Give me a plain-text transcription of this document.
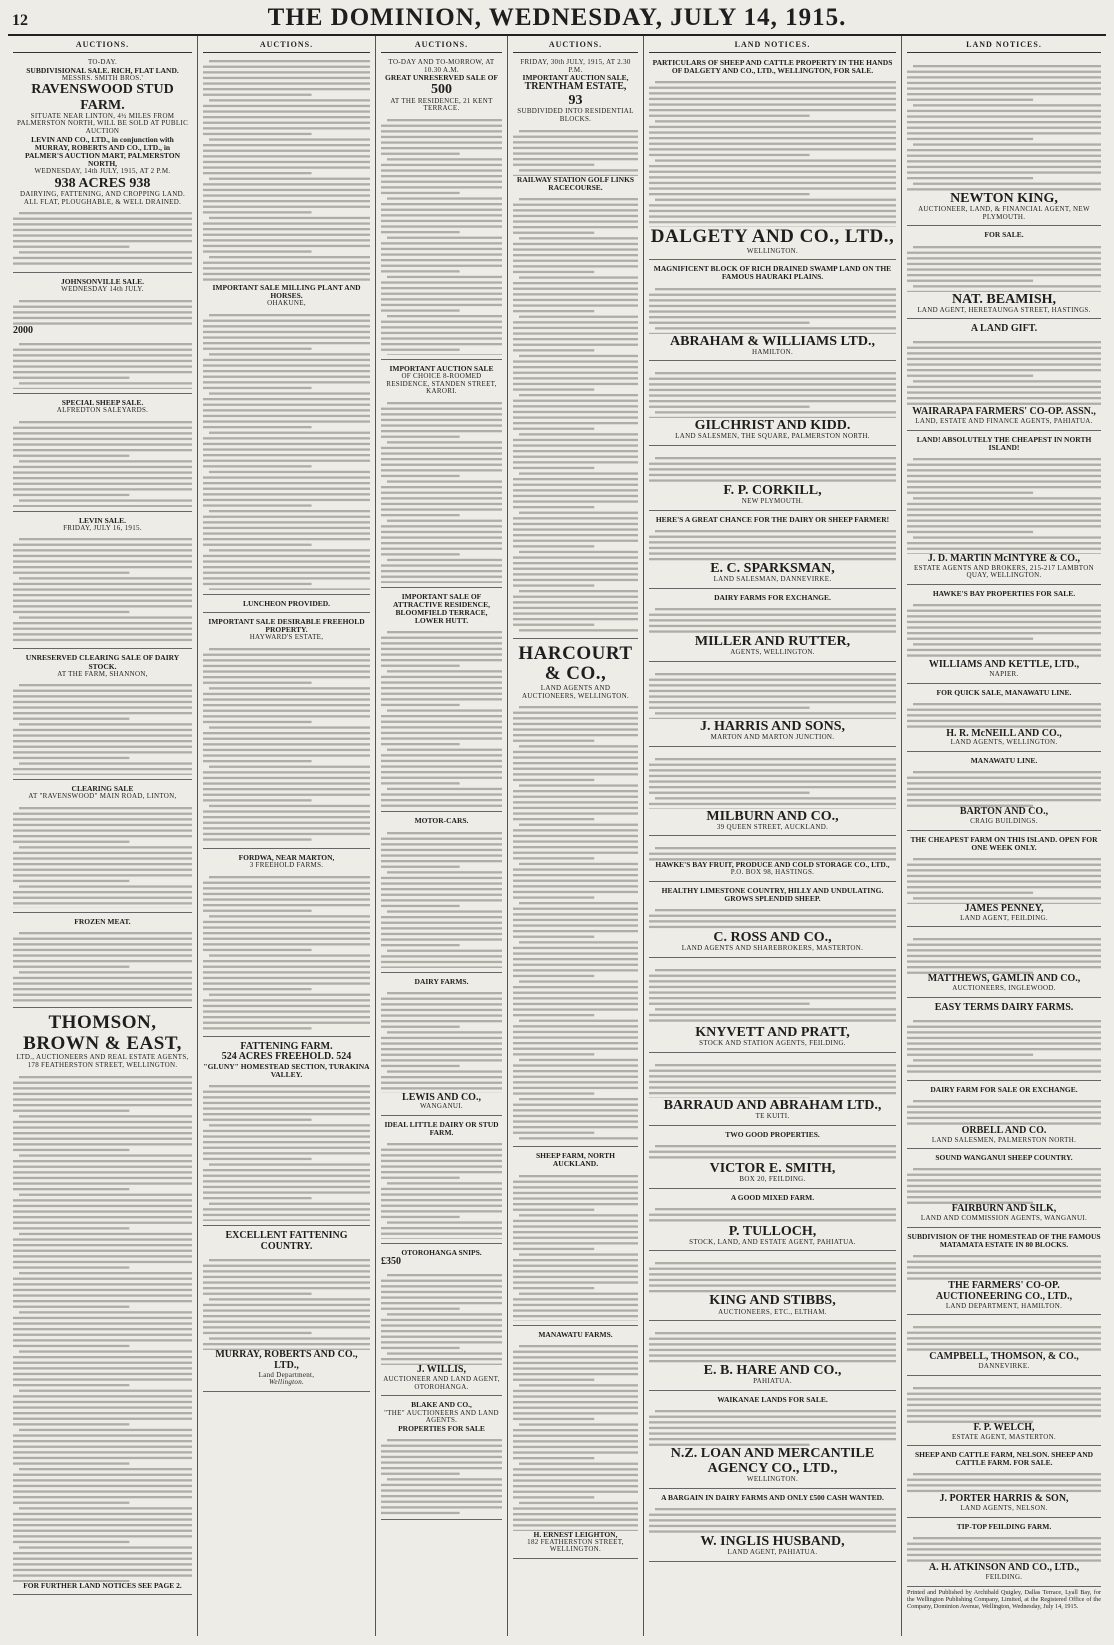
12	THE DOMINION, WEDNESDAY, JULY 14, 1915.
AUCTIONS.
TO-DAY.
SUBDIVISIONAL SALE. RICH, FLAT LAND.
MESSRS. SMITH BROS.'
RAVENSWOOD STUD FARM.
SITUATE NEAR LINTON, 4½ MILES FROM PALMERSTON NORTH, WILL BE SOLD AT PUBLIC AUCTION
LEVIN AND CO., LTD., in conjunction with MURRAY, ROBERTS AND CO., LTD., in
PALMER'S AUCTION MART, PALMERSTON NORTH,
WEDNESDAY, 14th JULY, 1915, AT 2 P.M.
938 ACRES 938
DAIRYING, FATTENING, AND CROPPING LAND. ALL FLAT, PLOUGHABLE, & WELL DRAINED.
JOHNSONVILLE SALE.
WEDNESDAY 14th JULY.
2000
SPECIAL SHEEP SALE.
ALFREDTON SALEYARDS.
LEVIN SALE.
FRIDAY, JULY 16, 1915.
UNRESERVED CLEARING SALE OF DAIRY STOCK.
AT THE FARM, SHANNON,
CLEARING SALE
AT "RAVENSWOOD" MAIN ROAD, LINTON,
FROZEN MEAT.
THOMSON,
BROWN & EAST,
LTD., AUCTIONEERS AND REAL ESTATE AGENTS, 178 FEATHERSTON STREET, WELLINGTON.
FOR FURTHER LAND NOTICES SEE PAGE 2.
AUCTIONS.
IMPORTANT SALE MILLING PLANT AND HORSES.
OHAKUNE,
LUNCHEON PROVIDED.
IMPORTANT SALE DESIRABLE FREEHOLD PROPERTY.
HAYWARD'S ESTATE,
FORDWA, NEAR MARTON,
3 FREEHOLD FARMS.
FATTENING FARM.
524 ACRES FREEHOLD. 524
"GLUNY" HOMESTEAD SECTION, TURAKINA VALLEY.
EXCELLENT FATTENING COUNTRY.
MURRAY, ROBERTS AND CO., LTD.,
Land Department,
Wellington.
AUCTIONS.
TO-DAY AND TO-MORROW, AT 10.30 A.M.
GREAT UNRESERVED SALE OF
500
AT THE RESIDENCE, 21 KENT TERRACE.
IMPORTANT AUCTION SALE
OF CHOICE 8-ROOMED RESIDENCE, STANDEN STREET, KARORI.
IMPORTANT SALE OF ATTRACTIVE RESIDENCE, BLOOMFIELD TERRACE, LOWER HUTT.
MOTOR-CARS.
DAIRY FARMS.
LEWIS AND CO.,
WANGANUI.
IDEAL LITTLE DAIRY OR STUD FARM.
OTOROHANGA SNIPS.
£350
J. WILLIS,
AUCTIONEER AND LAND AGENT, OTOROHANGA.
BLAKE AND CO.,
"THE" AUCTIONEERS AND LAND AGENTS.
PROPERTIES FOR SALE
AUCTIONS.
FRIDAY, 30th JULY, 1915, AT 2.30 P.M.
IMPORTANT AUCTION SALE,
TRENTHAM ESTATE,
93
SUBDIVIDED INTO RESIDENTIAL BLOCKS.
RAILWAY STATION GOLF LINKS RACECOURSE.
HARCOURT & CO.,
LAND AGENTS AND AUCTIONEERS, WELLINGTON.
SHEEP FARM, NORTH AUCKLAND.
MANAWATU FARMS.
H. ERNEST LEIGHTON,
182 FEATHERSTON STREET, WELLINGTON.
LAND NOTICES.
PARTICULARS OF SHEEP AND CATTLE PROPERTY IN THE HANDS OF DALGETY AND CO., LTD., WELLINGTON, FOR SALE.
DALGETY AND CO., LTD.,
WELLINGTON.
MAGNIFICENT BLOCK OF RICH DRAINED SWAMP LAND ON THE FAMOUS HAURAKI PLAINS.
ABRAHAM & WILLIAMS LTD.,
HAMILTON.
GILCHRIST AND KIDD.
LAND SALESMEN, THE SQUARE, PALMERSTON NORTH.
F. P. CORKILL,
NEW PLYMOUTH.
HERE'S A GREAT CHANCE FOR THE DAIRY OR SHEEP FARMER!
E. C. SPARKSMAN,
LAND SALESMAN, DANNEVIRKE.
DAIRY FARMS FOR EXCHANGE.
MILLER AND RUTTER,
AGENTS, WELLINGTON.
J. HARRIS AND SONS,
MARTON AND MARTON JUNCTION.
MILBURN AND CO.,
39 QUEEN STREET, AUCKLAND.
HAWKE'S BAY FRUIT, PRODUCE AND COLD STORAGE CO., LTD.,
P.O. BOX 98, HASTINGS.
HEALTHY LIMESTONE COUNTRY, HILLY AND UNDULATING. GROWS SPLENDID SHEEP.
C. ROSS AND CO.,
LAND AGENTS AND SHAREBROKERS, MASTERTON.
KNYVETT AND PRATT,
STOCK AND STATION AGENTS, FEILDING.
BARRAUD AND ABRAHAM LTD.,
TE KUITI.
TWO GOOD PROPERTIES.
VICTOR E. SMITH,
BOX 20, FEILDING.
A GOOD MIXED FARM.
P. TULLOCH,
STOCK, LAND, AND ESTATE AGENT, PAHIATUA.
KING AND STIBBS,
AUCTIONEERS, ETC., ELTHAM.
E. B. HARE AND CO.,
PAHIATUA.
WAIKANAE LANDS FOR SALE.
N.Z. LOAN AND MERCANTILE AGENCY CO., LTD.,
WELLINGTON.
A BARGAIN IN DAIRY FARMS AND ONLY £500 CASH WANTED.
W. INGLIS HUSBAND,
LAND AGENT, PAHIATUA.
LAND NOTICES.
NEWTON KING,
AUCTIONEER, LAND, & FINANCIAL AGENT, NEW PLYMOUTH.
FOR SALE.
NAT. BEAMISH,
LAND AGENT, HEREТАUNGA STREET, HASTINGS.
A LAND GIFT.
WAIRARAPA FARMERS' CO-OP. ASSN.,
LAND, ESTATE AND FINANCE AGENTS, PAHIATUA.
LAND! ABSOLUTELY THE CHEAPEST IN NORTH ISLAND!
J. D. MARTIN McINTYRE & CO.,
ESTATE AGENTS AND BROKERS, 215-217 LAMBTON QUAY, WELLINGTON.
HAWKE'S BAY PROPERTIES FOR SALE.
WILLIAMS AND KETTLE, LTD.,
NAPIER.
FOR QUICK SALE, MANAWATU LINE.
H. R. McNEILL AND CO.,
LAND AGENTS, WELLINGTON.
MANAWATU LINE.
BARTON AND CO.,
CRAIG BUILDINGS.
THE CHEAPEST FARM ON THIS ISLAND. OPEN FOR ONE WEEK ONLY.
JAMES PENNEY,
LAND AGENT, FEILDING.
MATTHEWS, GAMLIN AND CO.,
AUCTIONEERS, INGLEWOOD.
EASY TERMS DAIRY FARMS.
DAIRY FARM FOR SALE OR EXCHANGE.
ORBELL AND CO.
LAND SALESMEN, PALMERSTON NORTH.
SOUND WANGANUI SHEEP COUNTRY.
FAIRBURN AND SILK,
LAND AND COMMISSION AGENTS, WANGANUI.
SUBDIVISION OF THE HOMESTEAD OF THE FAMOUS MATAMATA ESTATE IN 80 BLOCKS.
THE FARMERS' CO-OP. AUCTIONEERING CO., LTD.,
LAND DEPARTMENT, HAMILTON.
CAMPBELL, THOMSON, & CO.,
DANNEVIRKE.
F. P. WELCH,
ESTATE AGENT, MASTERTON.
SHEEP AND CATTLE FARM, NELSON. SHEEP AND CATTLE FARM. FOR SALE.
J. PORTER HARRIS & SON,
LAND AGENTS, NELSON.
TIP-TOP FEILDING FARM.
A. H. ATKINSON AND CO., LTD.,
FEILDING.
Printed and Published by Archibald Quigley, Dallas Terrace, Lyall Bay, for the Wellington Publishing Company, Limited, at the Registered Office of the Company, Dominion Avenue, Wellington, Wednesday, July 14, 1915.
